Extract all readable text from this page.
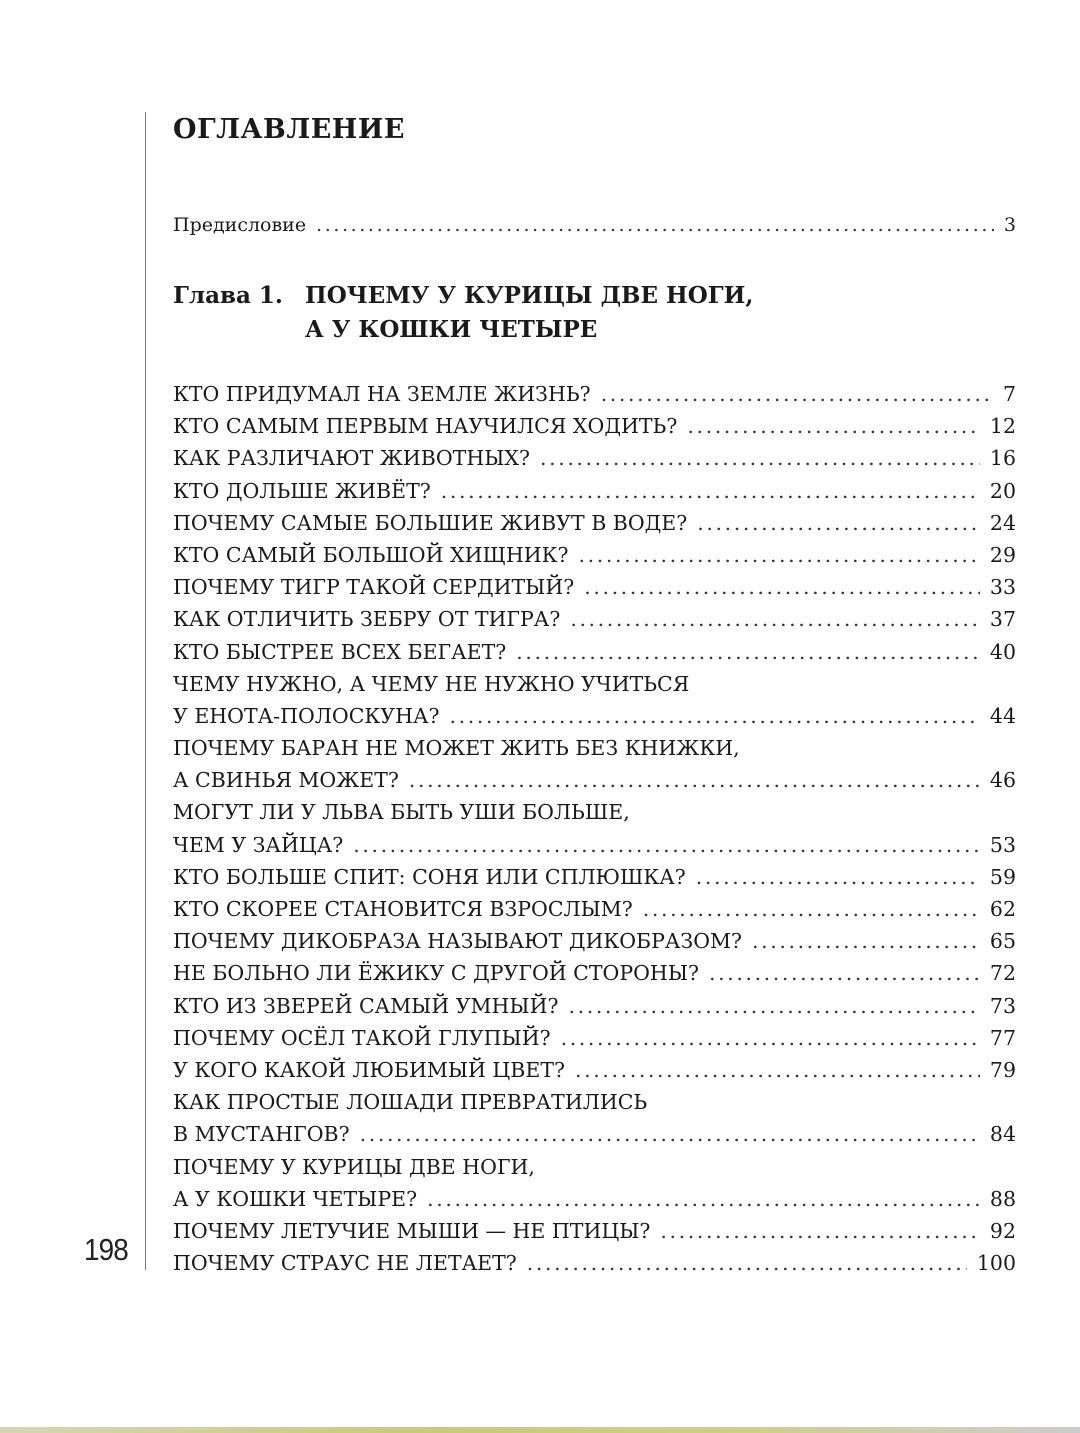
198
ОГЛАВЛЕНИЕ
Предисловие .....	3
Глава 1. ПОЧЕМУ У КУРИЦЫ ДВЕ НОГИ,
А У КОШКИ ЧЕТЫРЕ
КТО ПРИДУМАЛ НА ЗЕМЛЕ ЖИЗНЬ? .....	7
КТО САМЫМ ПЕРВЫМ НАУЧИЛСЯ ХОДИТЬ? .....	12
КАК РАЗЛИЧАЮТ ЖИВОТНЫХ? .....	16
КТО ДОЛЬШЕ ЖИВЁТ? .....	20
ПОЧЕМУ САМЫЕ БОЛЬШИЕ ЖИВУТ В ВОДЕ? .....	24
КТО САМЫЙ БОЛЬШОЙ ХИЩНИК? .....	29
ПОЧЕМУ ТИГР ТАКОЙ СЕРДИТЫЙ? .....	33
КАК ОТЛИЧИТЬ ЗЕБРУ ОТ ТИГРА? .....	37
КТО БЫСТРЕЕ ВСЕХ БЕГАЕТ? .....	40
ЧЕМУ НУЖНО, А ЧЕМУ НЕ НУЖНО УЧИТЬСЯ
У ЕНОТА-ПОЛОСКУНА? .....	44
ПОЧЕМУ БАРАН НЕ МОЖЕТ ЖИТЬ БЕЗ КНИЖКИ,
А СВИНЬЯ МОЖЕТ? .....	46
МОГУТ ЛИ У ЛЬВА БЫТЬ УШИ БОЛЬШЕ,
ЧЕМ У ЗАЙЦА? .....	53
КТО БОЛЬШЕ СПИТ: СОНЯ ИЛИ СПЛЮШКА? .....	59
КТО СКОРЕЕ СТАНОВИТСЯ ВЗРОСЛЫМ? .....	62
ПОЧЕМУ ДИКОБРАЗА НАЗЫВАЮТ ДИКОБРАЗОМ? .....	65
НЕ БОЛЬНО ЛИ ЁЖИКУ С ДРУГОЙ СТОРОНЫ? .....	72
КТО ИЗ ЗВЕРЕЙ САМЫЙ УМНЫЙ? .....	73
ПОЧЕМУ ОСЁЛ ТАКОЙ ГЛУПЫЙ? .....	77
У КОГО КАКОЙ ЛЮБИМЫЙ ЦВЕТ? .....	79
КАК ПРОСТЫЕ ЛОШАДИ ПРЕВРАТИЛИСЬ
В МУСТАНГОВ? .....	84
ПОЧЕМУ У КУРИЦЫ ДВЕ НОГИ,
А У КОШКИ ЧЕТЫРЕ? .....	88
ПОЧЕМУ ЛЕТУЧИЕ МЫШИ — НЕ ПТИЦЫ? .....	92
ПОЧЕМУ СТРАУС НЕ ЛЕТАЕТ? .....	100
